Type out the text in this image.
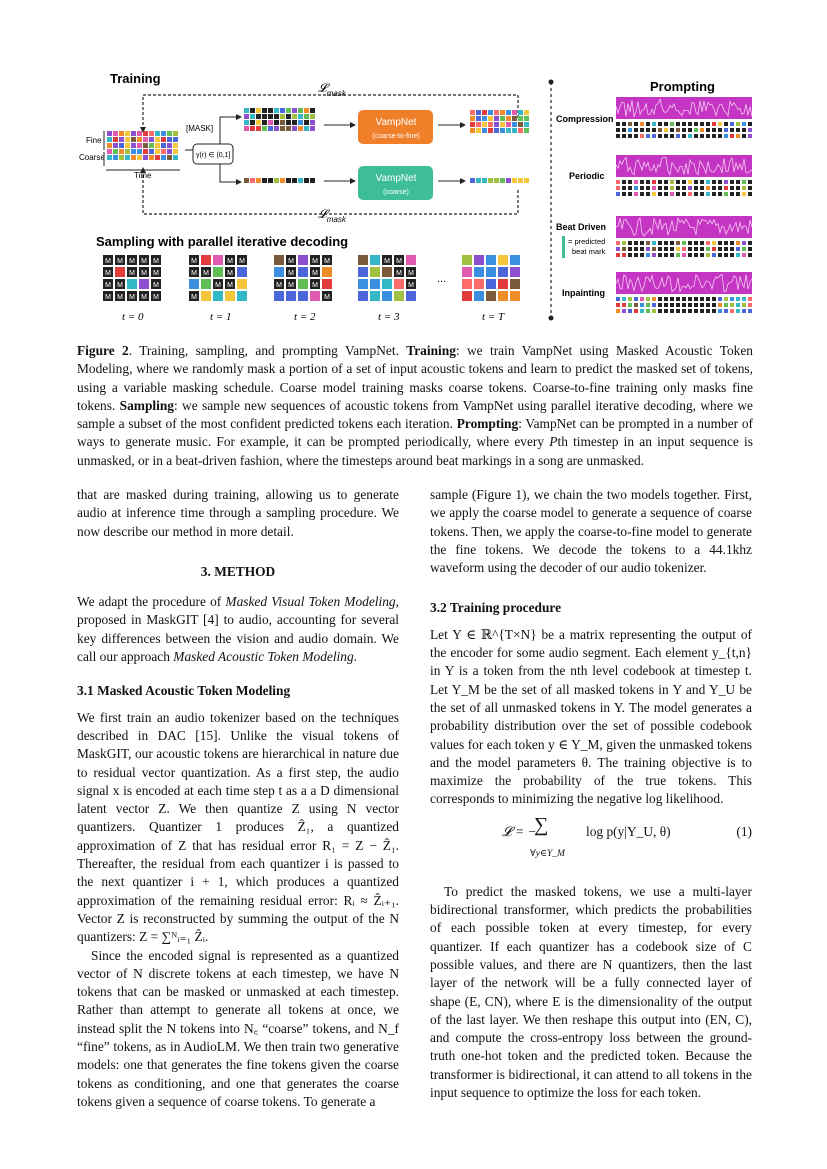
Training
Prompting
Sampling with parallel iterative decoding
𝓛$_{mask}$
𝓛$_{mask}$
Fine
Coarse
Time
[MASK]
γ(r) ∈ (0,1]
VampNet
(coarse-to-fine)
VampNet
(coarse)
Compression
Periodic
Beat Driven
= predicted
beat mark
Inpainting
M M M M M
M	M M M
M M	M
M M M M M
M	M M
M M	M
M M
M
M	M M
M	M
M M	M
M
M M
M M
M
t = 0	t = 1	t = 2	t = 3	t = T
...
Figure 2. Training, sampling, and prompting VampNet. Training: we train VampNet using Masked Acoustic Token Modeling, where we randomly mask a portion of a set of input acoustic tokens and learn to predict the masked set of tokens, using a variable masking schedule. Coarse model training masks coarse tokens. Coarse-to-fine training only masks fine tokens. Sampling: we sample new sequences of acoustic tokens from VampNet using parallel iterative decoding, where we sample a subset of the most confident predicted tokens each iteration. Prompting: VampNet can be prompted in a number of ways to generate music. For example, it can be prompted periodically, where every Pth timestep in an input sequence is unmasked, or in a beat-driven fashion, where the timesteps around beat markings in a song are unmasked.

that are masked during training, allowing us to generate audio at inference time through a sampling procedure. We now describe our method in more detail.

3. METHOD

We adapt the procedure of Masked Visual Token Modeling, proposed in MaskGIT [4] to audio, accounting for several key differences between the vision and audio domain. We call our approach Masked Acoustic Token Modeling.

3.1 Masked Acoustic Token Modeling

We first train an audio tokenizer based on the techniques described in DAC [15]. Unlike the visual tokens of MaskGIT, our acoustic tokens are hierarchical in nature due to residual vector quantization. As a first step, the audio signal x is encoded at each time step t as a a D dimensional latent vector Z. We then quantize Z using N vector quantizers. Quantizer 1 produces Ẑ₁, a quantized approximation of Z that has residual error R₁ = Z − Ẑ₁. Thereafter, the residual from each quantizer i is passed to the next quantizer i + 1, which produces a quantized approximation of the remaining residual error: Rᵢ ≈ Ẑᵢ₊₁. Vector Z is reconstructed by summing the output of the N quantizers: Z = ∑ᴺᵢ₌₁ Ẑᵢ.

Since the encoded signal is represented as a quantized vector of N discrete tokens at each timestep, we have N tokens that can be masked or unmasked at each timestep. Rather than attempt to generate all tokens at once, we instead split the N tokens into N꜀ “coarse” tokens, and N_f “fine” tokens, as in AudioLM. We then train two generative models: one that generates the fine tokens given the coarse tokens as conditioning, and one that generates the coarse tokens given a sequence of coarse tokens. To generate a

sample (Figure 1), we chain the two models together. First, we apply the coarse model to generate a sequence of coarse tokens. Then, we apply the coarse-to-fine model to generate the fine tokens. We decode the tokens to a 44.1khz waveform using the decoder of our audio tokenizer.

3.2 Training procedure

Let Y ∈ ℝ^{T×N} be a matrix representing the output of the encoder for some audio segment. Each element y_{t,n} in Y is a token from the nth level codebook at timestep t. Let Y_M be the set of all masked tokens in Y and Y_U be the set of all unmasked tokens in Y. The model generates a probability distribution over the set of possible codebook values for each token y ∈ Y_M, given the unmasked tokens and the model parameters θ. The training objective is to maximize the probability of the true tokens. This corresponds to minimizing the negative log likelihood.

𝓛 = −
∑
∀y∈Y_M
log p(y|Y_U, θ)	(1)

To predict the masked tokens, we use a multi-layer bidirectional transformer, which predicts the probabilities of each possible token at every timestep, for every quantizer. If each quantizer has a codebook size of C possible values, and there are N quantizers, then the last layer of the network will be a fully connected layer of shape (E, CN), where E is the dimensionality of the output of the last layer. We then reshape this output into (EN, C), and compute the cross-entropy loss between the ground-truth one-hot token and the predicted token. Because the transformer is bidirectional, it can attend to all tokens in the input sequence to optimize the loss for each token.
